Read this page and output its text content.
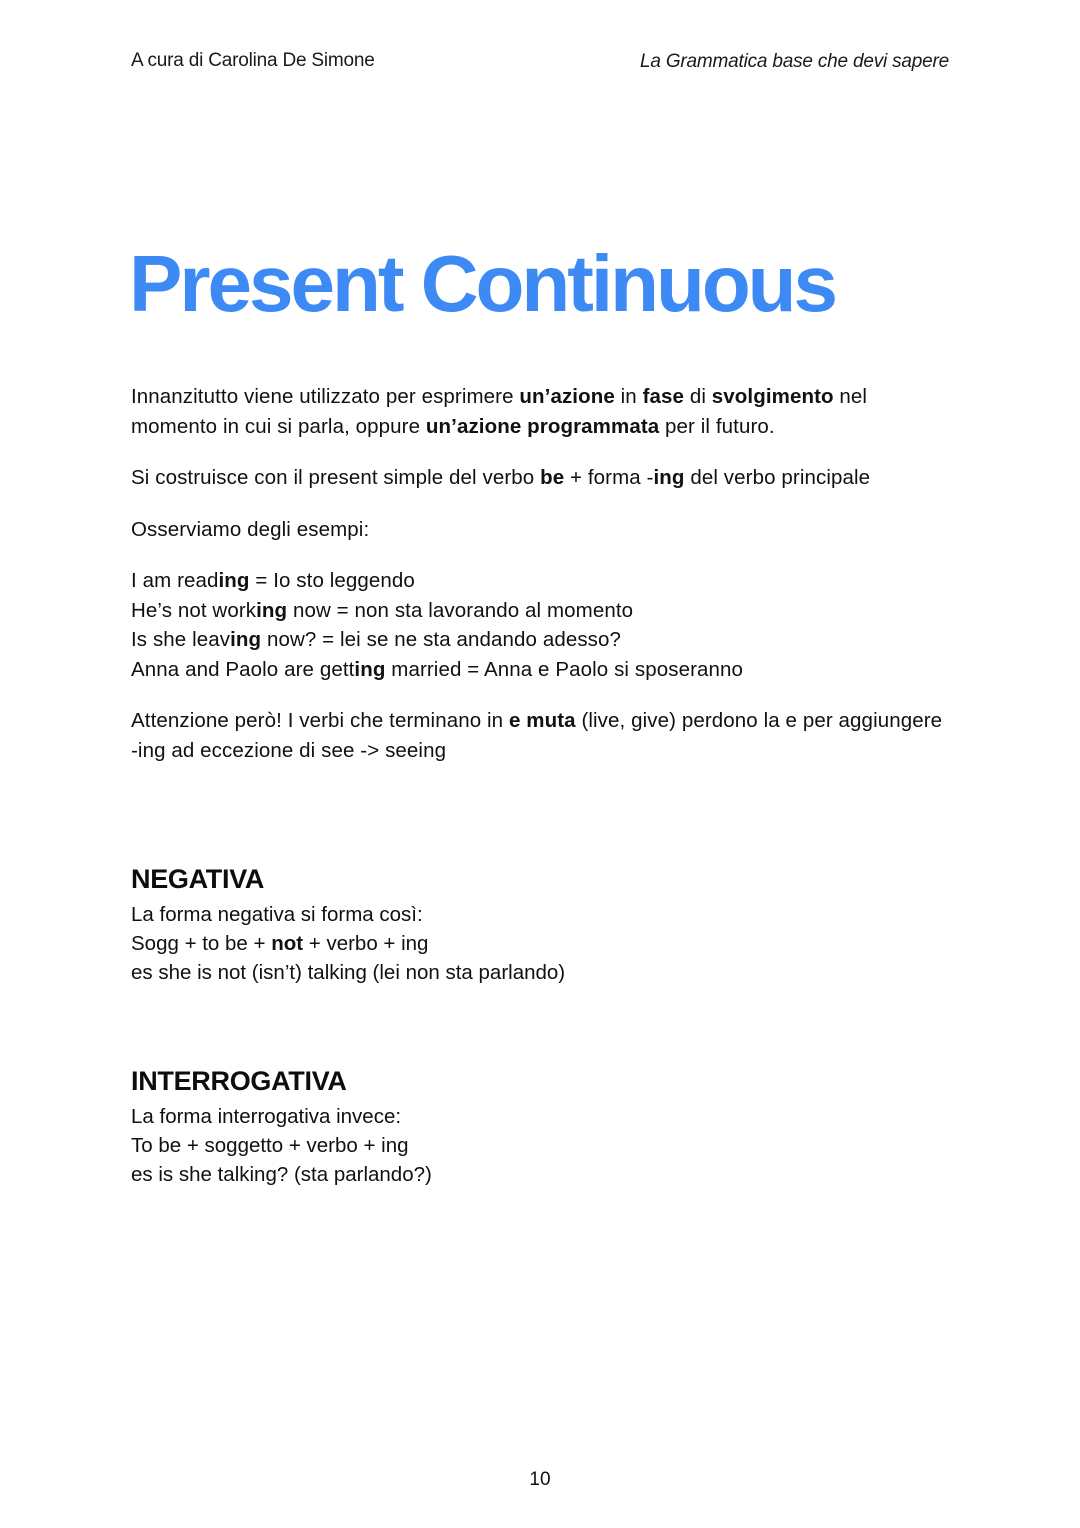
A cura di Carolina De Simone	La Grammatica base che devi sapere
Present Continuous

Innanzitutto viene utilizzato per esprimere un’azione in fase di svolgimento nel momento in cui si parla, oppure un’azione programmata per il futuro.

Si costruisce con il present simple del verbo be + forma -ing del verbo principale

Osserviamo degli esempi:

I am reading = Io sto leggendo
He’s not working now = non sta lavorando al momento
Is she leaving now? = lei se ne sta andando adesso?
Anna and Paolo are getting married = Anna e Paolo si sposeranno

Attenzione però! I verbi che terminano in e muta (live, give) perdono la e per aggiungere -ing ad eccezione di see -> seeing

NEGATIVA
La forma negativa si forma così:
Sogg + to be + not + verbo + ing
es she is not (isn’t) talking (lei non sta parlando)
INTERROGATIVA
La forma interrogativa invece:
To be + soggetto + verbo + ing
es is she talking? (sta parlando?)
10
